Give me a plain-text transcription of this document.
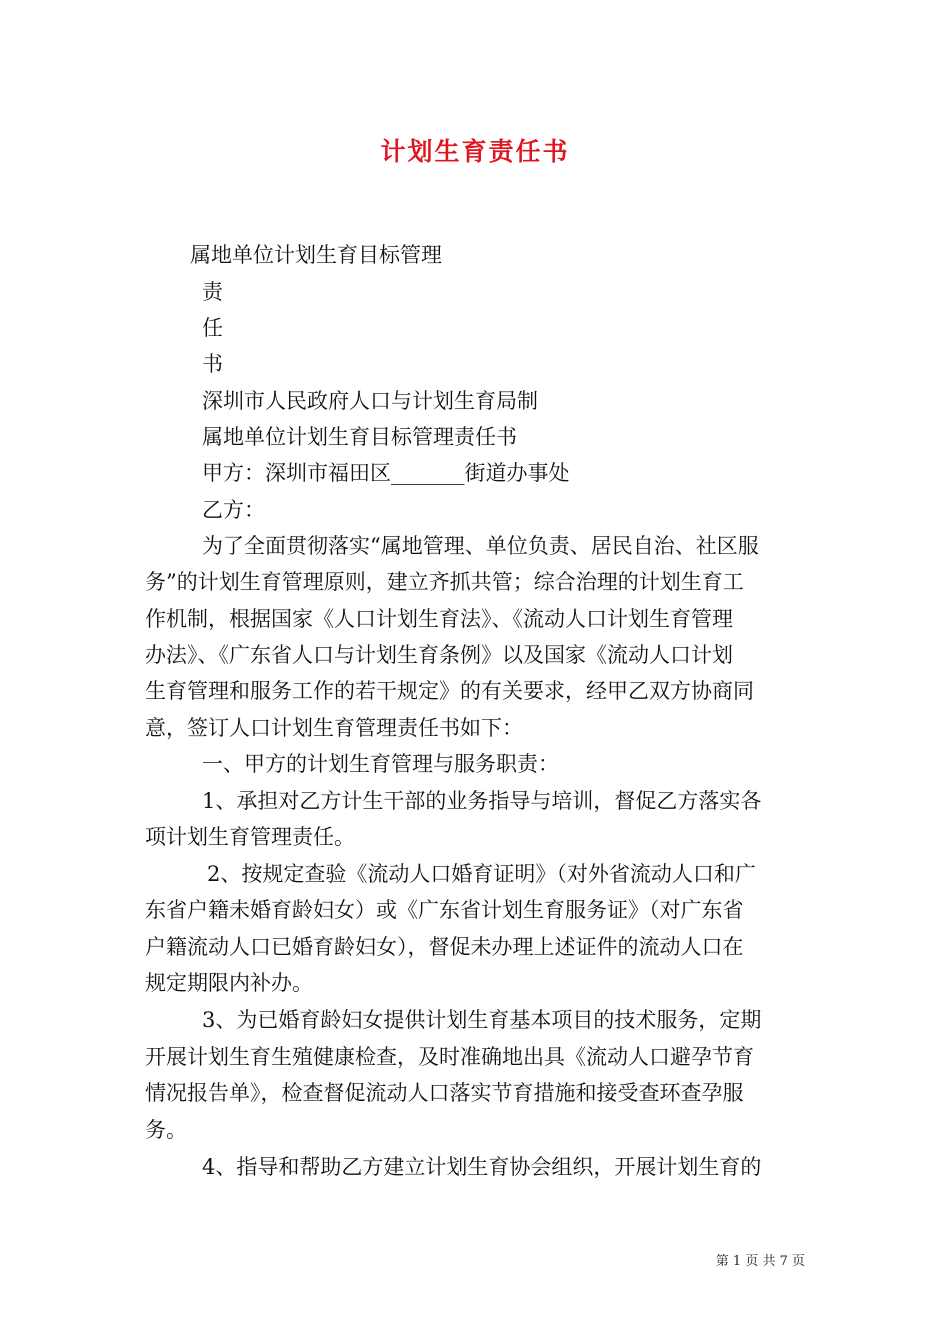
计划生育责任书
属地单位计划生育目标管理
责
任
书
深圳市人民政府人口与计划生育局制
属地单位计划生育目标管理责任书
甲方：深圳市福田区_______街道办事处
乙方：
为了全面贯彻落实“属地管理、单位负责、居民自治、社区服
务”的计划生育管理原则，建立齐抓共管；综合治理的计划生育工
作机制，根据国家《人口计划生育法》、《流动人口计划生育管理
办法》、《广东省人口与计划生育条例》以及国家《流动人口计划
生育管理和服务工作的若干规定》的有关要求，经甲乙双方协商同
意，签订人口计划生育管理责任书如下：
一、甲方的计划生育管理与服务职责：
1、承担对乙方计生干部的业务指导与培训，督促乙方落实各
项计划生育管理责任。
2、按规定查验《流动人口婚育证明》（对外省流动人口和广
东省户籍未婚育龄妇女）或《广东省计划生育服务证》（对广东省
户籍流动人口已婚育龄妇女），督促未办理上述证件的流动人口在
规定期限内补办。
3、为已婚育龄妇女提供计划生育基本项目的技术服务，定期
开展计划生育生殖健康检查，及时准确地出具《流动人口避孕节育
情况报告单》，检查督促流动人口落实节育措施和接受查环查孕服
务。
4、指导和帮助乙方建立计划生育协会组织，开展计划生育的
第 1 页 共 7 页
